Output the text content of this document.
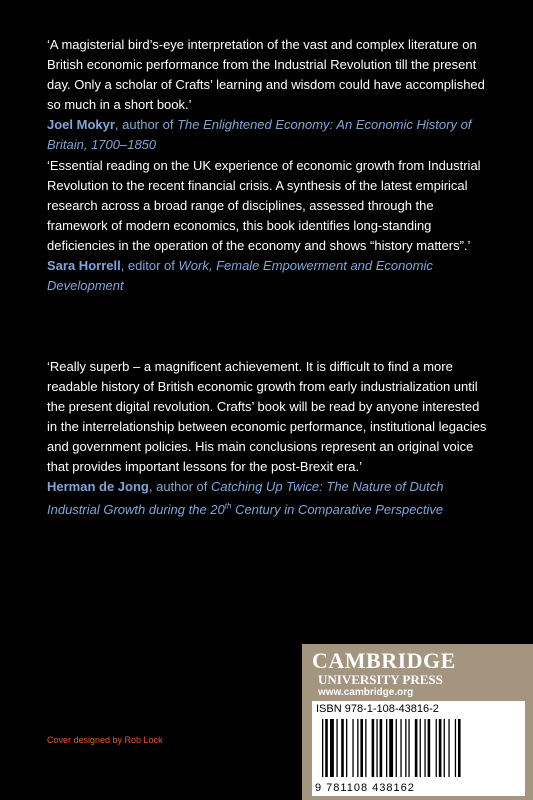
‘A magisterial bird’s-eye interpretation of the vast and complex literature on British economic performance from the Industrial Revolution till the present day. Only a scholar of Crafts’ learning and wisdom could have accomplished so much in a short book.’

Joel Mokyr, author of The Enlightened Economy: An Economic History of Britain, 1700–1850

‘Essential reading on the UK experience of economic growth from Industrial Revolution to the recent financial crisis. A synthesis of the latest empirical research across a broad range of disciplines, assessed through the framework of modern economics, this book identifies long-standing deficiencies in the operation of the economy and shows “history matters”.’

Sara Horrell, editor of Work, Female Empowerment and Economic Development

‘Really superb – a magnificent achievement. It is difficult to find a more readable history of British economic growth from early industrialization until the present digital revolution. Crafts’ book will be read by anyone interested in the interrelationship between economic performance, institutional legacies and government policies. His main conclusions represent an original voice that provides important lessons for the post-Brexit era.’

Herman de Jong, author of Catching Up Twice: The Nature of Dutch Industrial Growth during the 20th Century in Comparative Perspective

Cover designed by Rob Lock
CAMBRIDGE
UNIVERSITY PRESS
www.cambridge.org
ISBN 978-1-108-43816-2
9 781108 438162
